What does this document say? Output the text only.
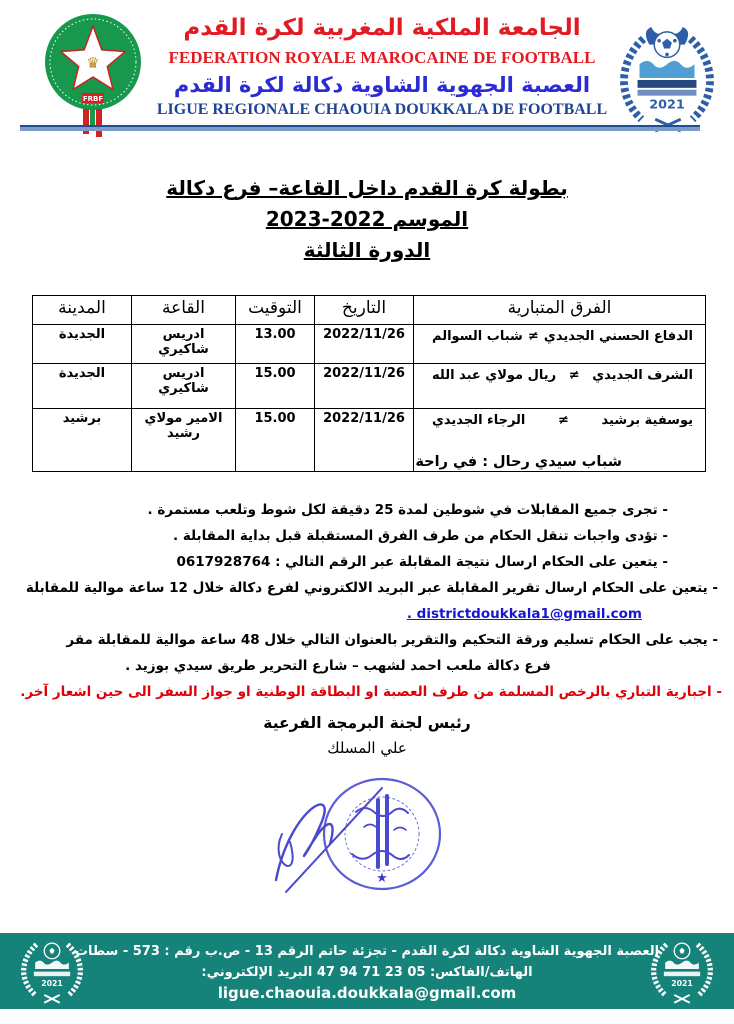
♛
FRBF	2021
الجامعة الملكية المغربية لكرة القدم
FEDERATION ROYALE MAROCAINE DE FOOTBALL
العصبة الجهوية الشاوية دكالة لكرة القدم
LIGUE REGIONALE CHAOUIA DOUKKALA DE FOOTBALL
بطولة كرة القدم داخل القاعة– فرع دكالة
الموسم 2022‏-‏2023
الدورة الثالثة
الفرق المتبارية	التاريخ	التوقيت	القاعة	المدينة

الدفاع الحسني الجديدي
≠
شباب السوالم	2022/11/26	13.00	ادريس شاكيري	الجديدة

الشرف الجديدي
≠
ريال مولاي عبد الله	2022/11/26	15.00	ادريس شاكيري	الجديدة

يوسفية برشيد
≠
الرجاء الجديدي	2022/11/26	15.00	الامير مولاي رشيد	برشيد
شباب سيدي رحال : في راحة
- تجرى جميع المقابلات في شوطين لمدة 25 دقيقة لكل شوط وتلعب مستمرة .
- تؤدى واجبات تنقل الحكام من طرف الفرق المستقبلة قبل بداية المقابلة .
- يتعين على الحكام ارسال نتيجة المقابلة عبر الرقم التالي : 0617928764
- يتعين على الحكام ارسال تقرير المقابلة عبر البريد الالكتروني لفرع دكالة خلال 12 ساعة موالية للمقابلة
. districtdoukkala1@gmail.com
- يجب على الحكام تسليم ورقة التحكيم والتقرير بالعنوان التالي خلال 48 ساعة موالية للمقابلة مقر
فرع دكالة ملعب احمد لشهب – شارع التحرير طريق سيدي بوزيد .
- اجبارية التباري بالرخص المسلمة من طرف العصبة او البطاقة الوطنية او جواز السفر الى حين اشعار آخر.
رئيس لجنة البرمجة الفرعية
علي المسلك
★
2021	2021
العصبة الجهوية الشاوية دكالة لكرة القدم - تجزئة حاتم الرقم 13 - ص.ب رقم : 573 - سطات
الهاتف/الفاكس: 05 23 71 94 47 البريد الإلكتروني:
ligue.chaouia.doukkala@gmail.com
